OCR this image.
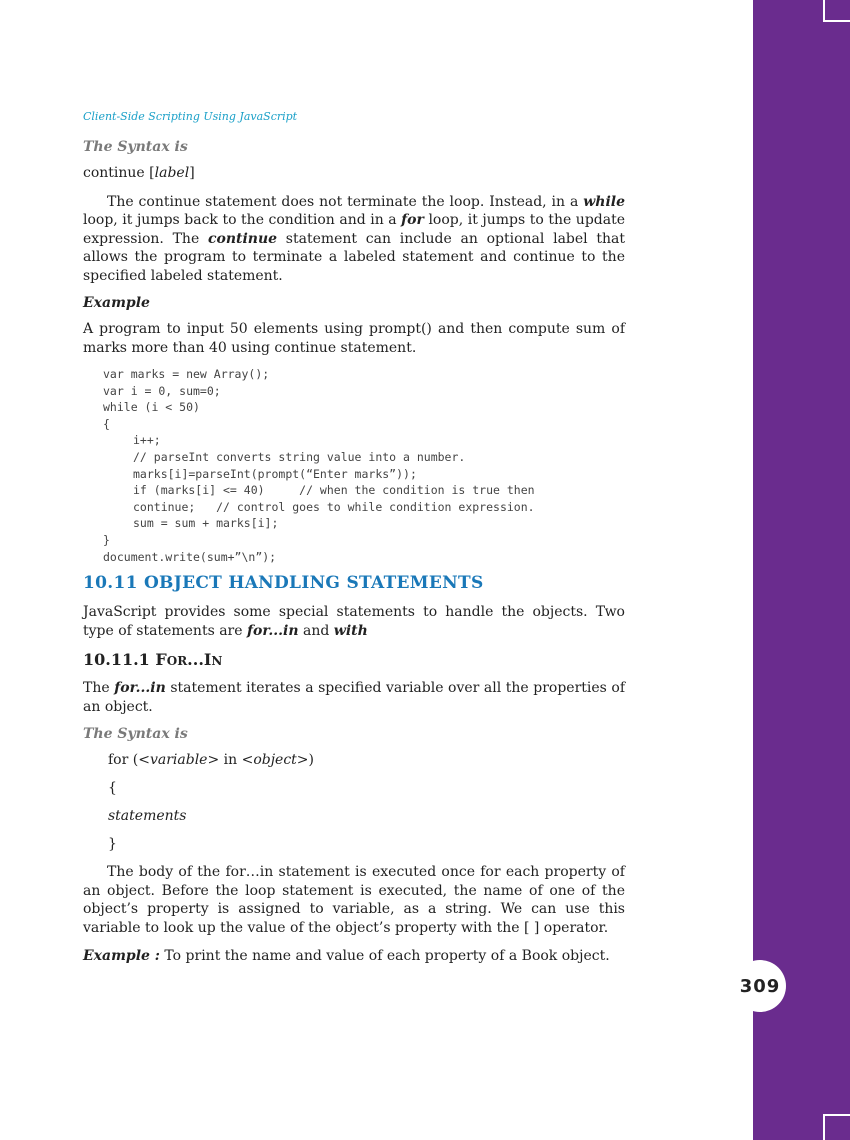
309
Client-Side Scripting Using JavaScript
The Syntax is

continue [label]

The continue statement does not terminate the loop. Instead, in a while loop, it jumps back to the condition and in a for loop, it jumps to the update expression. The continue statement can include an optional label that allows the program to terminate a labeled statement and continue to the specified labeled statement.

Example

A program to input 50 elements using prompt() and then compute sum of marks more than 40 using continue statement.

var marks = new Array();
var i = 0, sum=0;
while (i < 50)
{
i++;
// parseInt converts string value into a number.
marks[i]=parseInt(prompt(“Enter marks”));
if (marks[i] <= 40)     // when the condition is true then
continue;   // control goes to while condition expression.
sum = sum + marks[i];
}
document.write(sum+”\n”);
10.11 OBJECT HANDLING STATEMENTS

JavaScript provides some special statements to handle the objects. Two type of statements are for...in and with

10.11.1 FOR...IN

The for...in statement iterates a specified variable over all the properties of an object.

The Syntax is
for (<variable> in <object>)
{
statements
}

The body of the for…in statement is executed once for each property of an object. Before the loop statement is executed, the name of one of the object’s property is assigned to variable, as a string. We can use this variable to look up the value of the object’s property with the [ ] operator.

Example : To print the name and value of each property of a Book object.
